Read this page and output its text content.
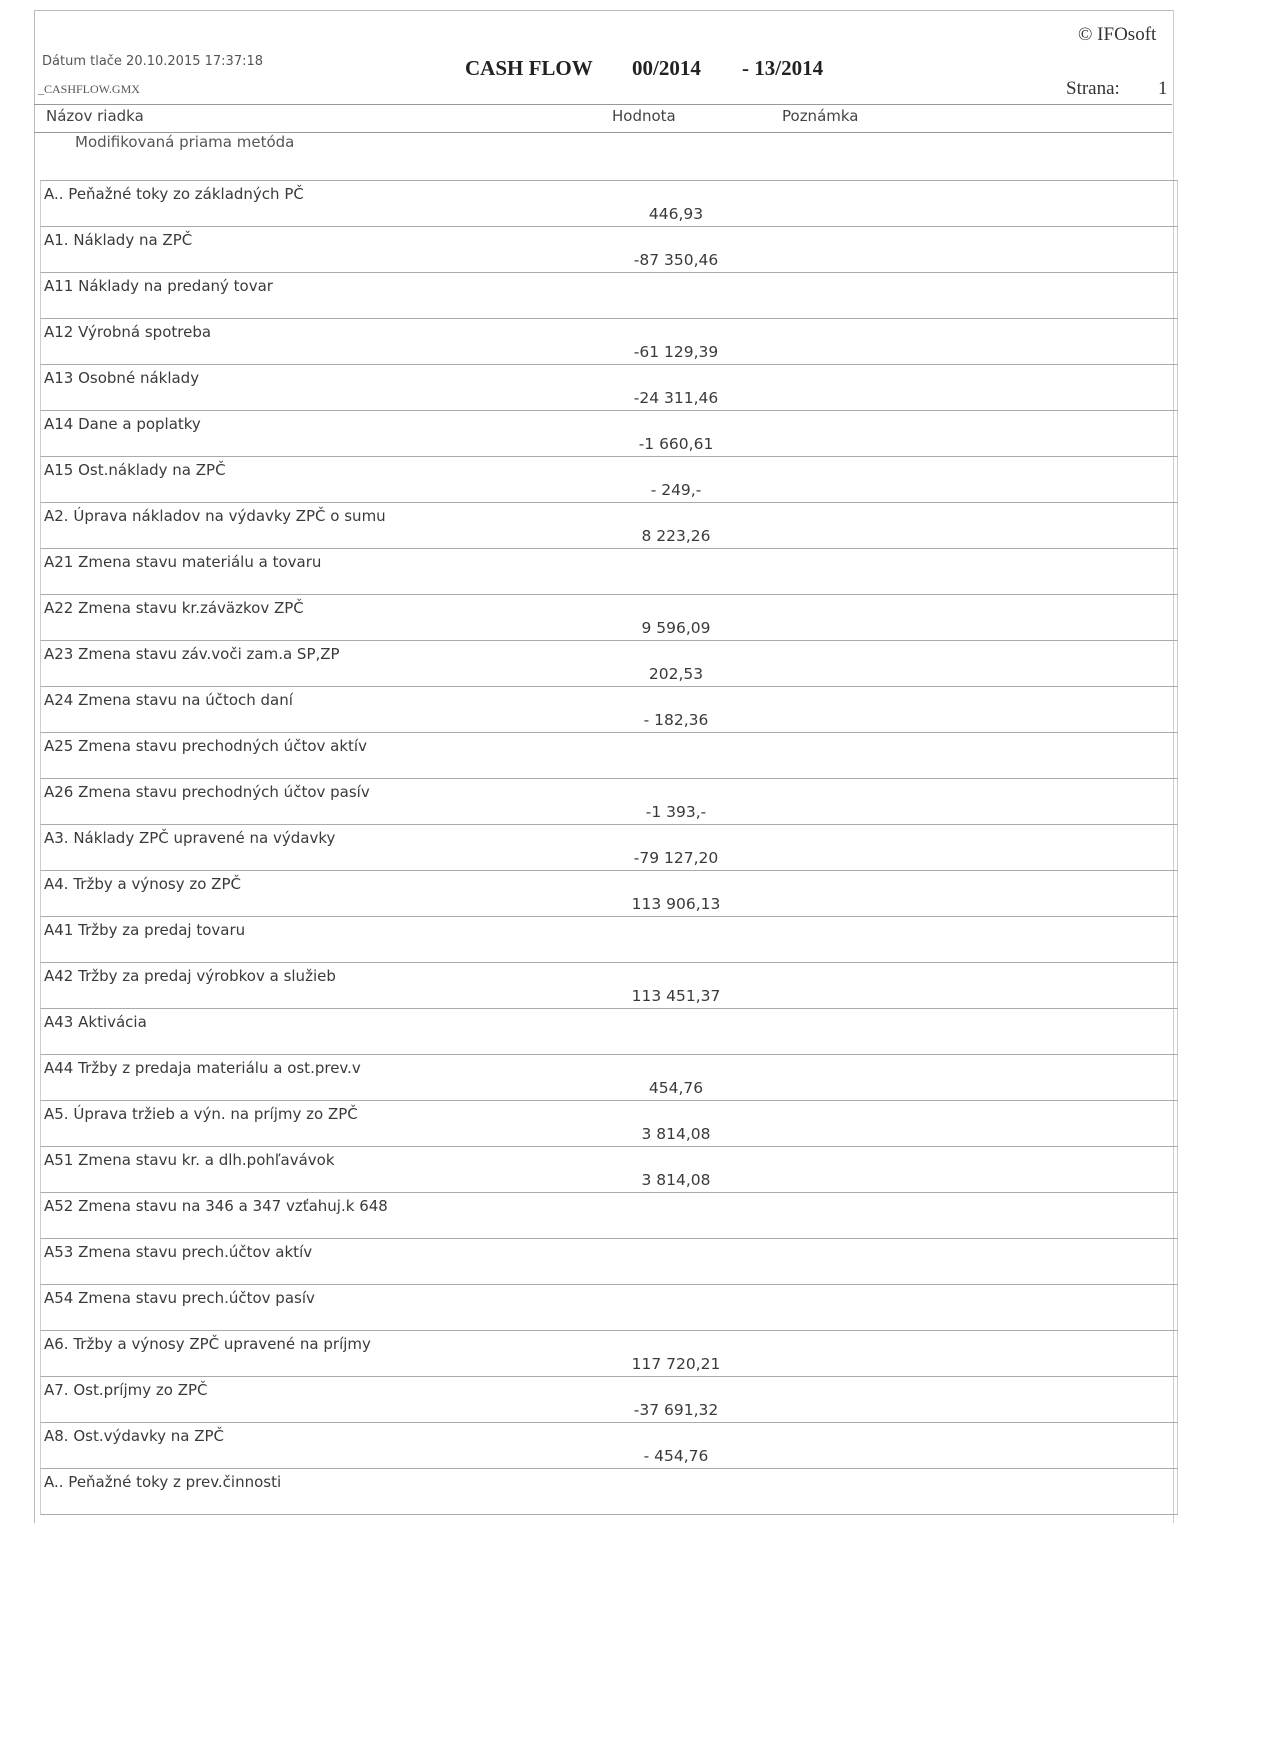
Dátum tlače 20.10.2015 17:37:18
_CASHFLOW.GMX
CASH FLOW 00/2014 - 13/2014
© IFOsoft
Strana: 1
Názov riadka	Hodnota	Poznámka
Modifikovaná priama metóda
A.. Peňažné toky zo základných PČ
446,93
A1. Náklady na ZPČ
-87 350,46
A11 Náklady na predaný tovar
A12 Výrobná spotreba
-61 129,39
A13 Osobné náklady
-24 311,46
A14 Dane a poplatky
-1 660,61
A15 Ost.náklady na ZPČ
- 249,-
A2. Úprava nákladov na výdavky ZPČ o sumu
8 223,26
A21 Zmena stavu materiálu a tovaru
A22 Zmena stavu kr.záväzkov ZPČ
9 596,09
A23 Zmena stavu záv.voči zam.a SP,ZP
202,53
A24 Zmena stavu na účtoch daní
- 182,36
A25 Zmena stavu prechodných účtov aktív
A26 Zmena stavu prechodných účtov pasív
-1 393,-
A3. Náklady ZPČ upravené na výdavky
-79 127,20
A4. Tržby a výnosy zo ZPČ
113 906,13
A41 Tržby za predaj tovaru
A42 Tržby za predaj výrobkov a služieb
113 451,37
A43 Aktivácia
A44 Tržby z predaja materiálu a ost.prev.v
454,76
A5. Úprava tržieb a výn. na príjmy zo ZPČ
3 814,08
A51 Zmena stavu kr. a dlh.pohľavávok
3 814,08
A52 Zmena stavu na 346 a 347 vzťahuj.k 648
A53 Zmena stavu prech.účtov aktív
A54 Zmena stavu prech.účtov pasív
A6. Tržby a výnosy ZPČ upravené na príjmy
117 720,21
A7. Ost.príjmy zo ZPČ
-37 691,32
A8. Ost.výdavky na ZPČ
- 454,76
A.. Peňažné toky z prev.činnosti
